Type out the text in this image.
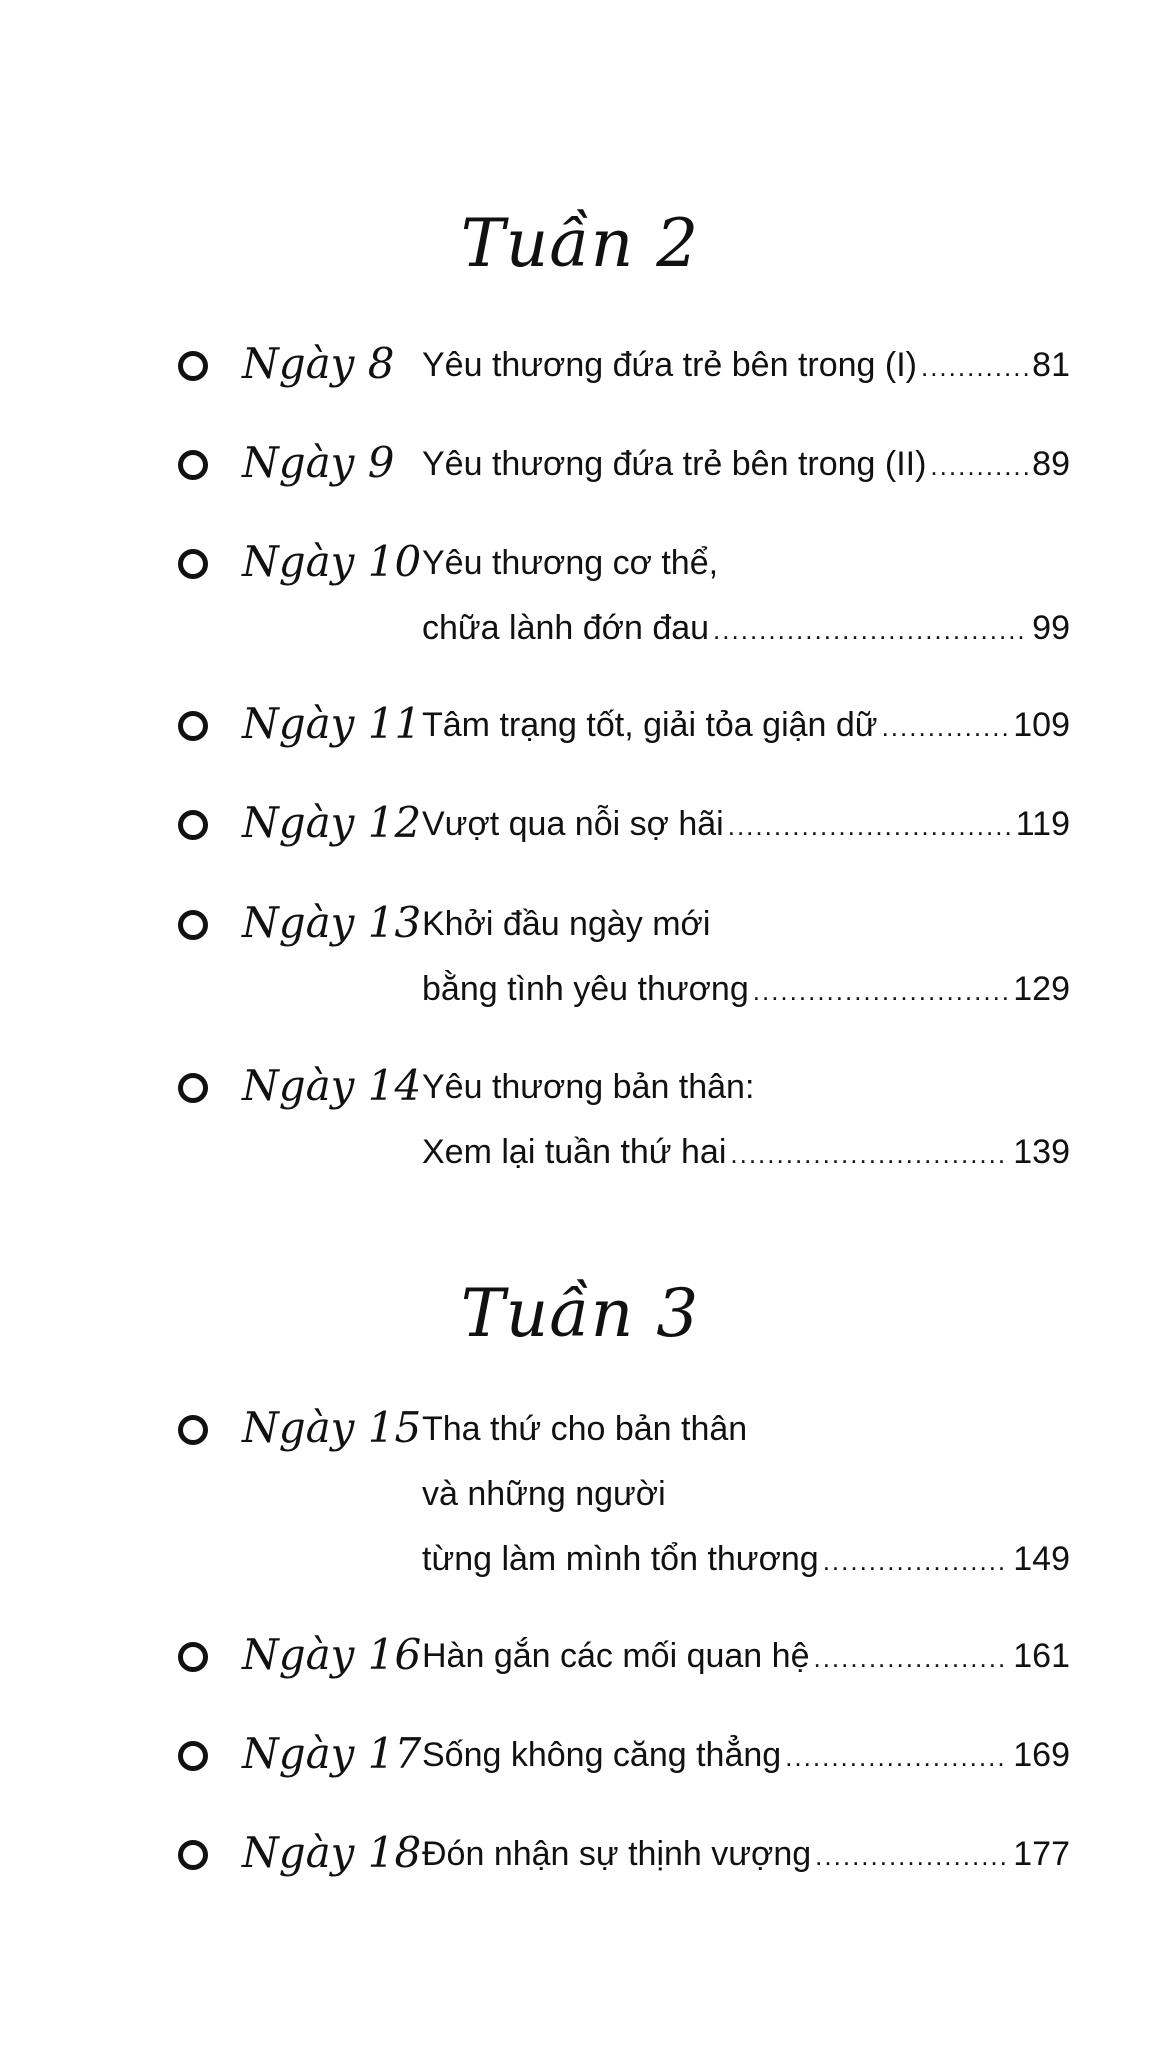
Tuần 2
Ngày 8 Yêu thương đứa trẻ bên trong (I) .....	81
Ngày 9 Yêu thương đứa trẻ bên trong (II) .....	89
Ngày 10 Yêu thương cơ thể,
chữa lành đớn đau .....	99
Ngày 11 Tâm trạng tốt, giải tỏa giận dữ .....	109
Ngày 12 Vượt qua nỗi sợ hãi .....	119
Ngày 13 Khởi đầu ngày mới
bằng tình yêu thương .....	129
Ngày 14 Yêu thương bản thân:
Xem lại tuần thứ hai .....	139
Tuần 3
Ngày 15 Tha thứ cho bản thân
và những người
từng làm mình tổn thương .....	149
Ngày 16 Hàn gắn các mối quan hệ .....	161
Ngày 17 Sống không căng thẳng .....	169
Ngày 18 Đón nhận sự thịnh vượng .....	177
